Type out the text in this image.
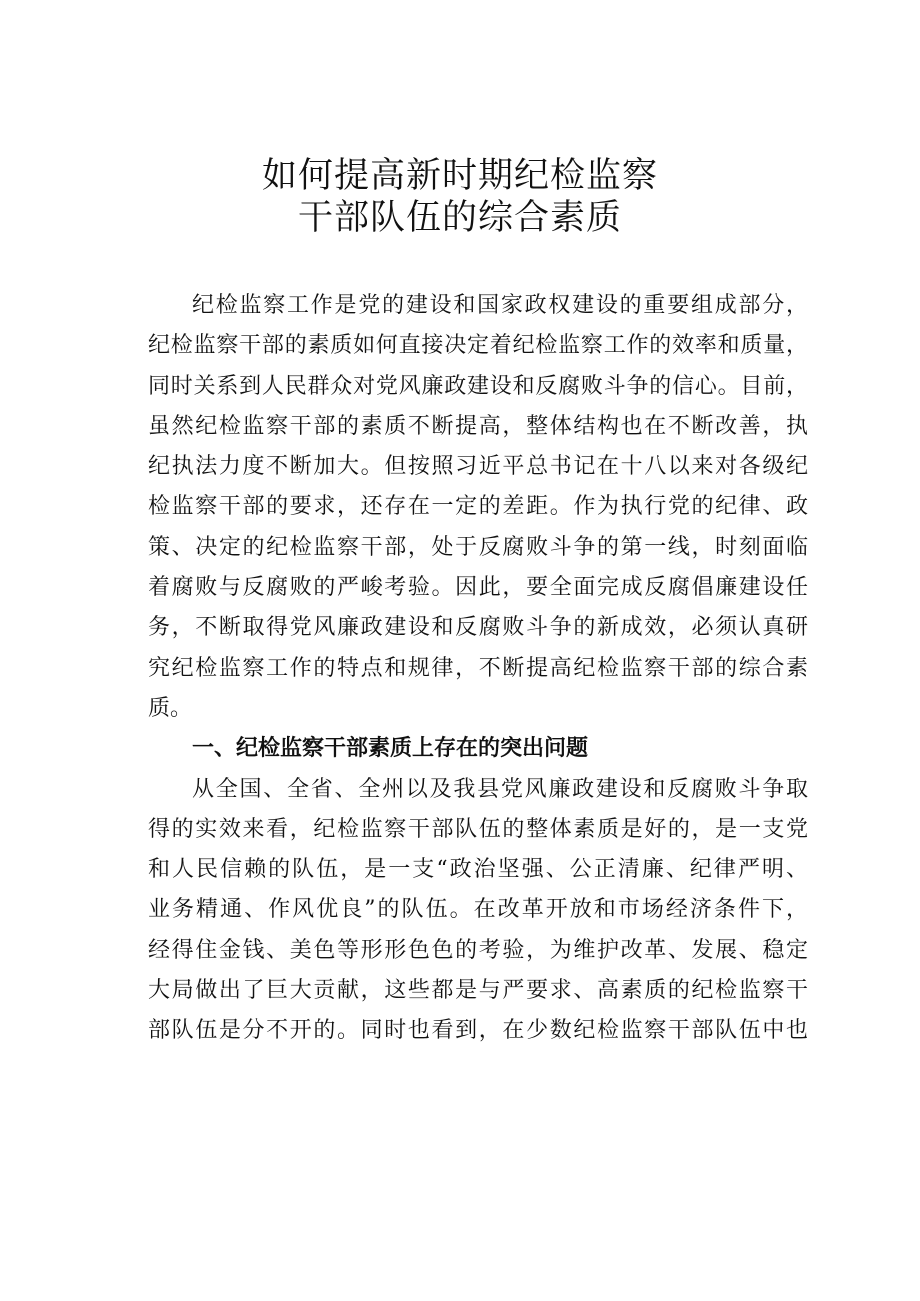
如何提高新时期纪检监察
干部队伍的综合素质
纪检监察工作是党的建设和国家政权建设的重要组成部分，
纪检监察干部的素质如何直接决定着纪检监察工作的效率和质量，
同时关系到人民群众对党风廉政建设和反腐败斗争的信心。目前，
虽然纪检监察干部的素质不断提高，整体结构也在不断改善，执
纪执法力度不断加大。但按照习近平总书记在十八以来对各级纪
检监察干部的要求，还存在一定的差距。作为执行党的纪律、政
策、决定的纪检监察干部，处于反腐败斗争的第一线，时刻面临
着腐败与反腐败的严峻考验。因此，要全面完成反腐倡廉建设任
务，不断取得党风廉政建设和反腐败斗争的新成效，必须认真研
究纪检监察工作的特点和规律，不断提高纪检监察干部的综合素
质。
一、纪检监察干部素质上存在的突出问题
从全国、全省、全州以及我县党风廉政建设和反腐败斗争取
得的实效来看，纪检监察干部队伍的整体素质是好的，是一支党
和人民信赖的队伍，是一支“政治坚强、公正清廉、纪律严明、
业务精通、作风优良”的队伍。在改革开放和市场经济条件下，
经得住金钱、美色等形形色色的考验，为维护改革、发展、稳定
大局做出了巨大贡献，这些都是与严要求、高素质的纪检监察干
部队伍是分不开的。同时也看到，在少数纪检监察干部队伍中也
